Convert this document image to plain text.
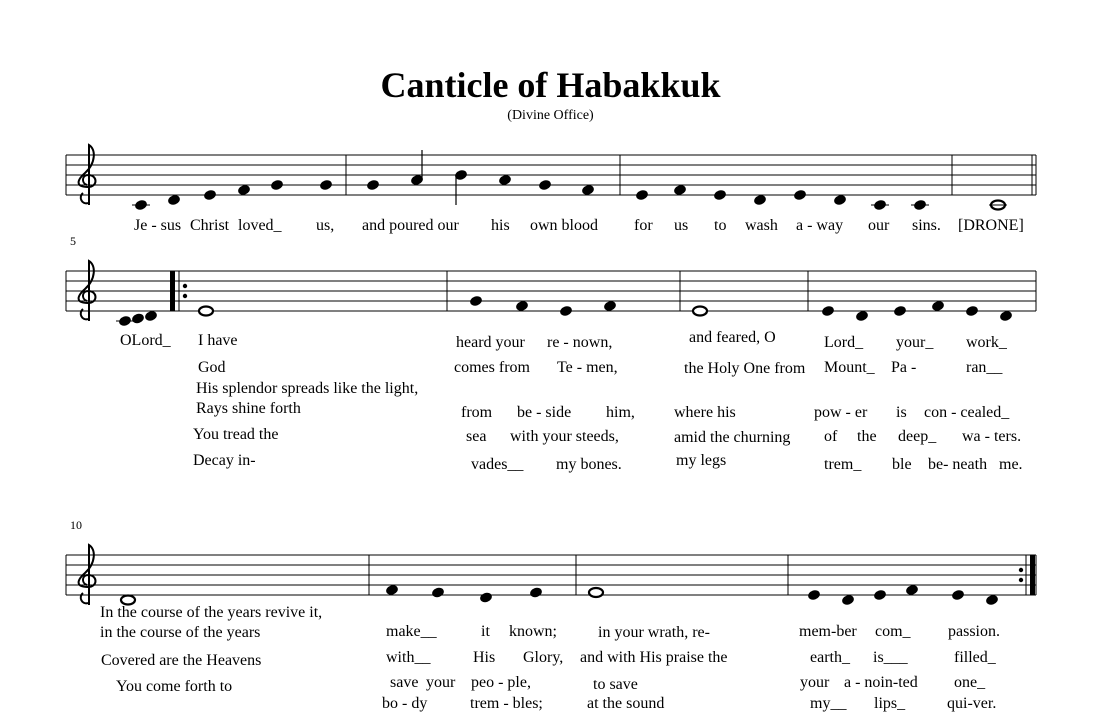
Canticle of Habakkuk
(Divine Office)
5
10
Je - sus Christ loved_ us, and poured our his own blood for us to wash a - way our sins. [DRONE]
OLord_ I have	heard your re - nown,	and feared, O	Lord_ your_ work_
God	comes from Te - men,	the Holy One from Mount_ Pa -	ran__
His splendor spreads like the light,
Rays shine forth	from be - side him, where his	pow - er is con - cealed_
You tread the	sea with your steeds,	amid the churning of the deep_ wa - ters.
Decay in-	vades__ my bones.	my legs	trem_ ble be- neath me.
In the course of the years revive it,
in the course of the years	make__	it known;	in your wrath, re-	mem-ber com_ passion.
Covered are the Heavens	with__	His Glory, and with His praise the	earth_ is___	filled_
You come forth to	save your peo - ple,	to save	your a - noin-ted one_
bo - dy	trem - bles;	at the sound	my__ lips_	qui-ver.
